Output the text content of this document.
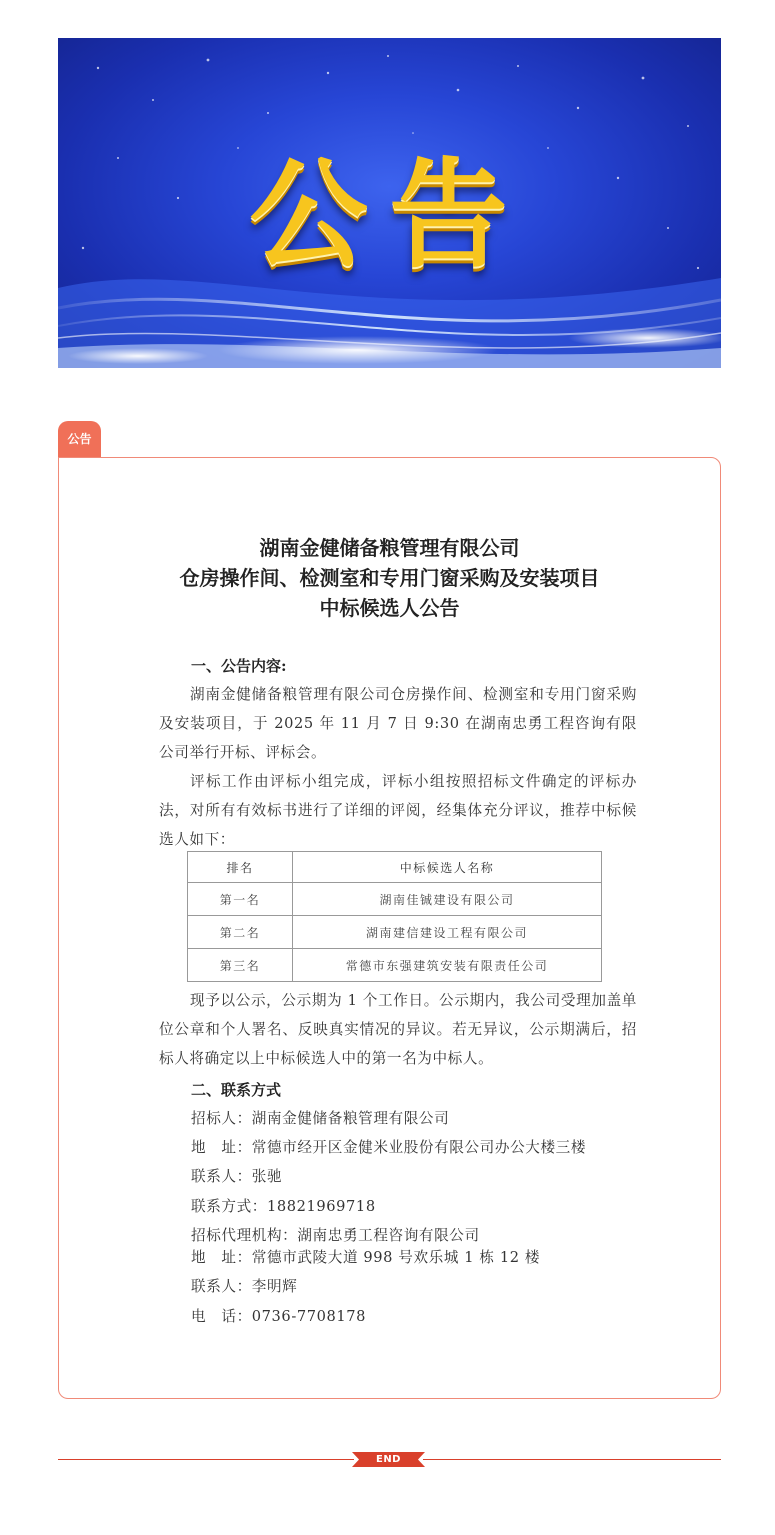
公告
公告
湖南金健储备粮管理有限公司
仓房操作间、检测室和专用门窗采购及安装项目
中标候选人公告
一、公告内容:
湖南金健储备粮管理有限公司仓房操作间、检测室和专用门窗采购及安装项目，于 2025 年 11 月 7 日 9:30 在湖南忠勇工程咨询有限公司举行开标、评标会。
评标工作由评标小组完成，评标小组按照招标文件确定的评标办法，对所有有效标书进行了详细的评阅，经集体充分评议，推荐中标候选人如下：
排名	中标候选人名称
第一名	湖南佳铖建设有限公司
第二名	湖南建信建设工程有限公司
第三名	常德市东强建筑安装有限责任公司
现予以公示，公示期为 1 个工作日。公示期内，我公司受理加盖单位公章和个人署名、反映真实情况的异议。若无异议，公示期满后，招标人将确定以上中标候选人中的第一名为中标人。
二、联系方式
招标人：湖南金健储备粮管理有限公司
地　址：常德市经开区金健米业股份有限公司办公大楼三楼
联系人：张驰
联系方式：18821969718
招标代理机构：湖南忠勇工程咨询有限公司
地　址：常德市武陵大道 998 号欢乐城 1 栋 12 楼
联系人：李明辉
电　话：0736-7708178
END
